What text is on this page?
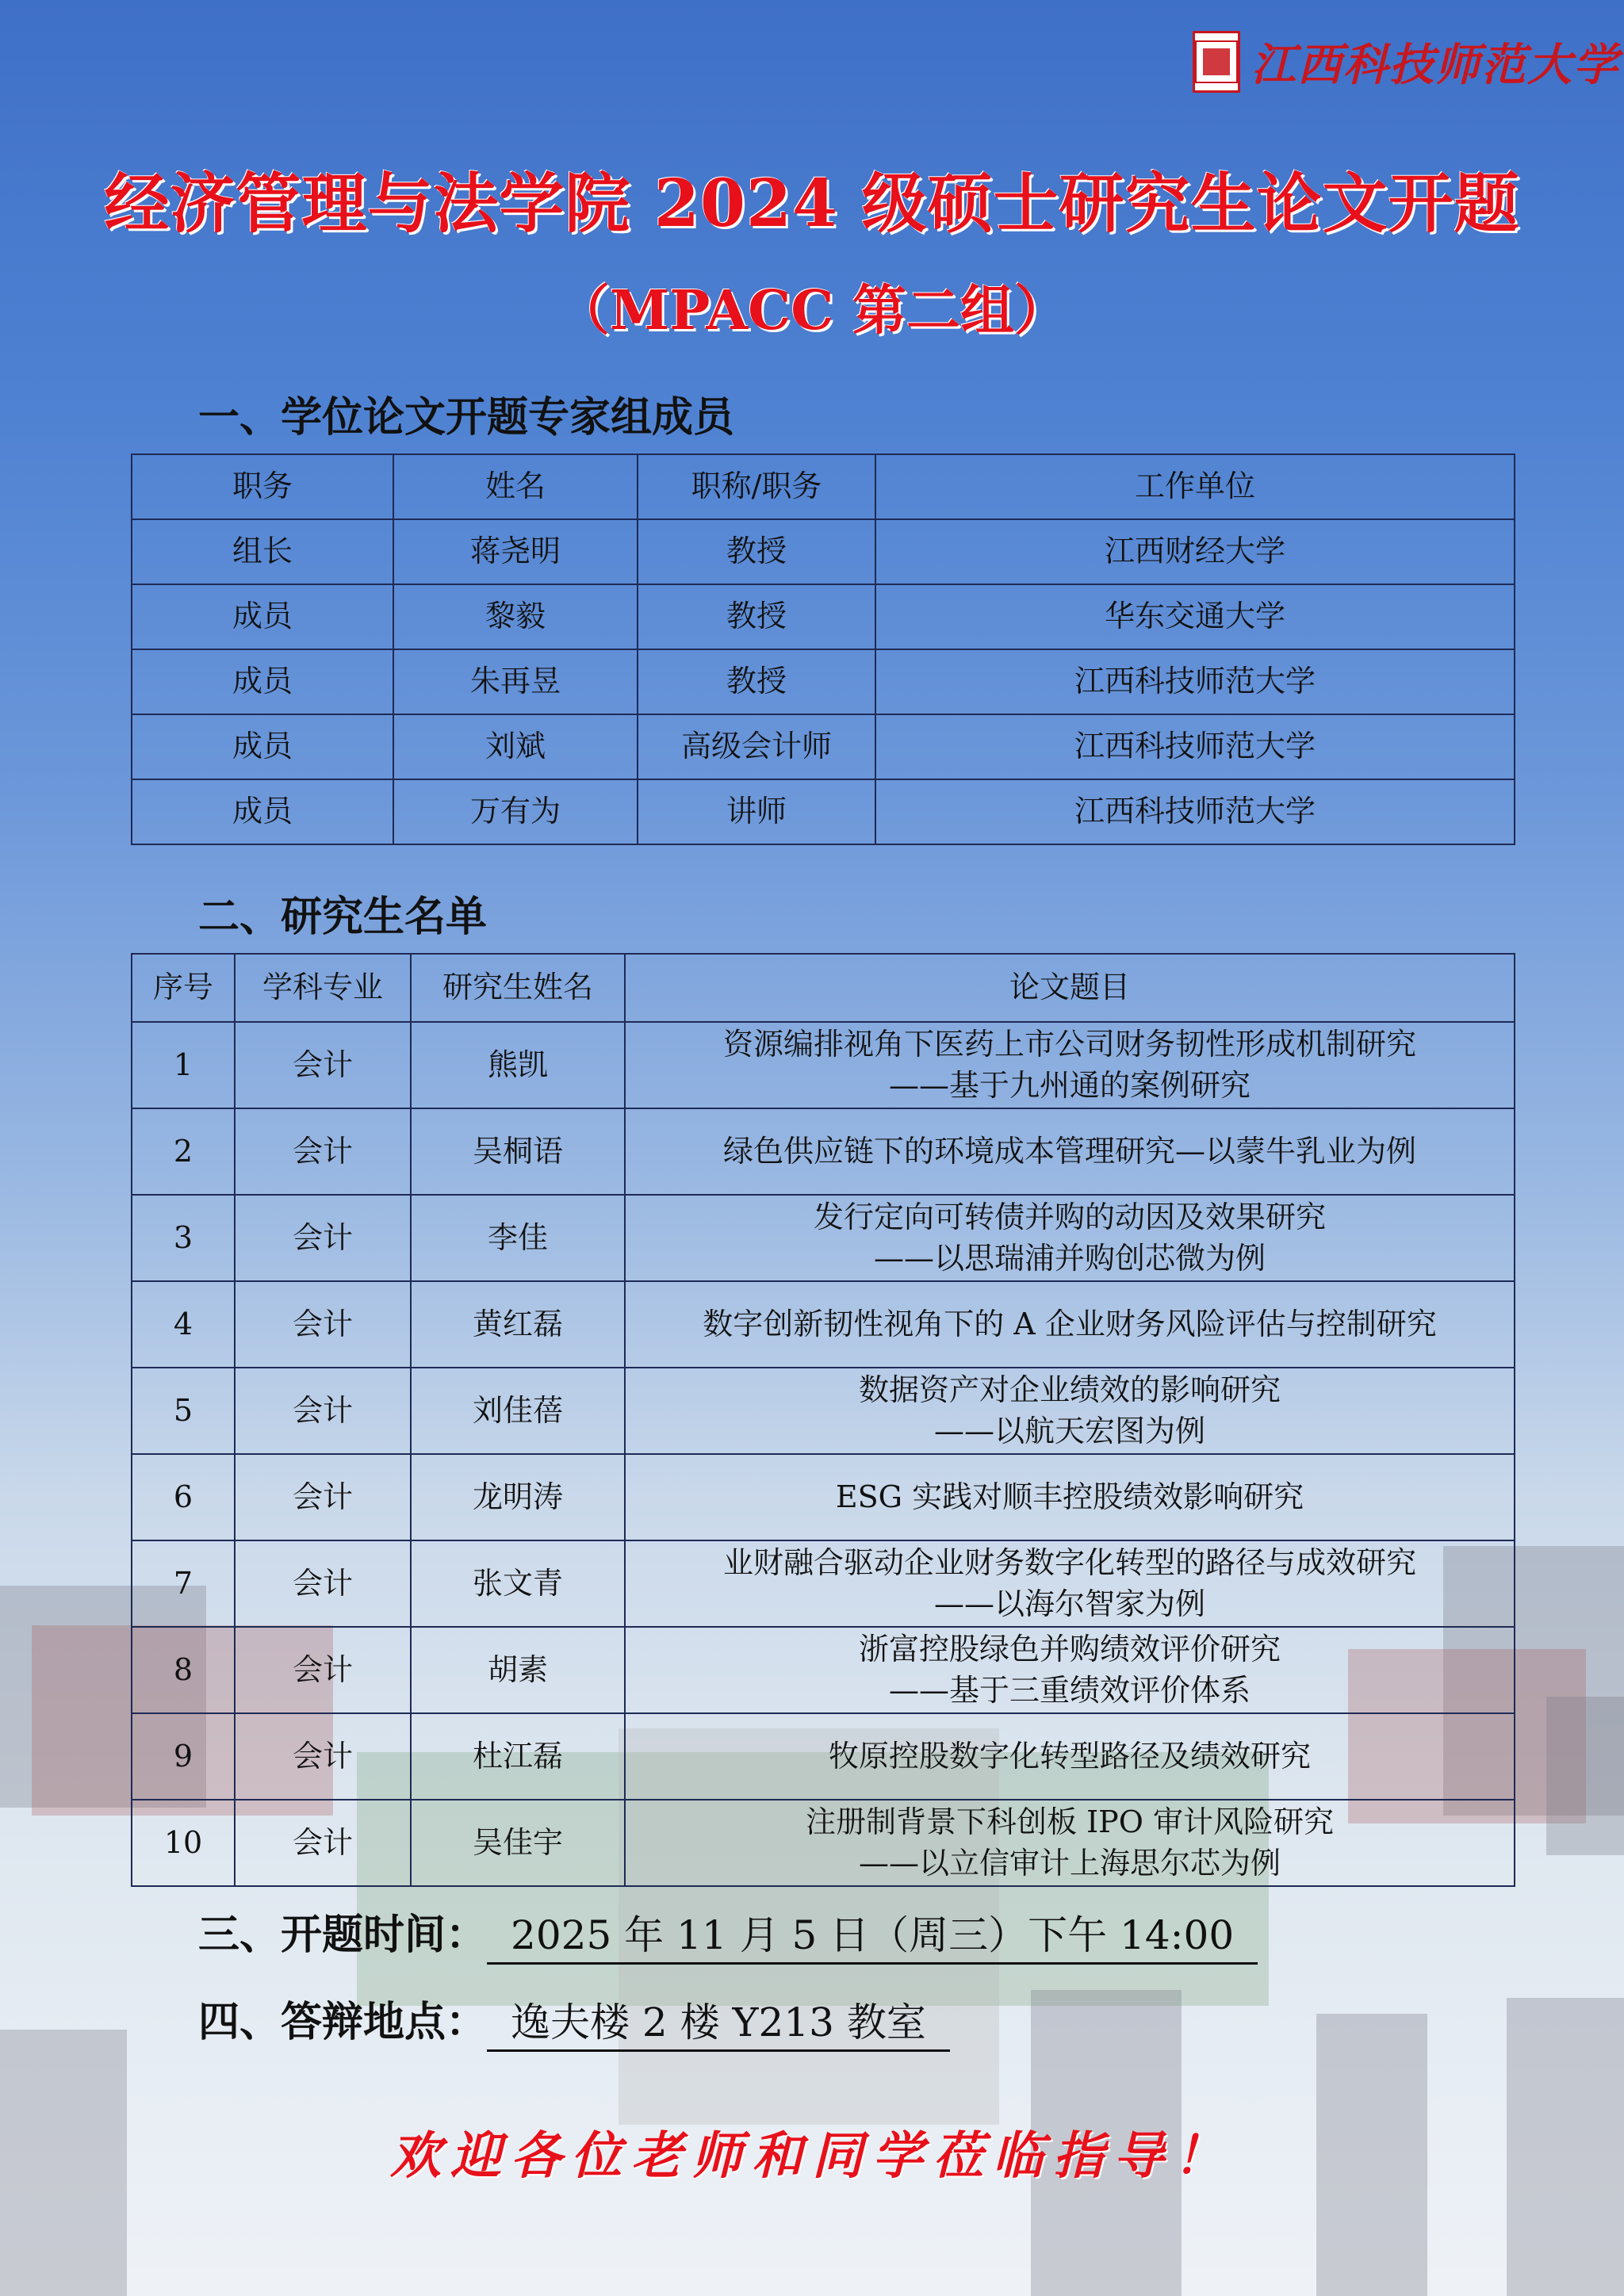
江西科技师范大学
经济管理与法学院 2024 级硕士研究生论文开题
（MPACC 第二组）
一、学位论文开题专家组成员
职务	姓名	职称/职务	工作单位
组长	蒋尧明	教授	江西财经大学
成员	黎毅	教授	华东交通大学
成员	朱再昱	教授	江西科技师范大学
成员	刘斌	高级会计师	江西科技师范大学
成员	万有为	讲师	江西科技师范大学
二、研究生名单
序号	学科专业	研究生姓名	论文题目
1	会计	熊凯	资源编排视角下医药上市公司财务韧性形成机制研究
——基于九州通的案例研究

2	会计	吴桐语	绿色供应链下的环境成本管理研究—以蒙牛乳业为例

3	会计	李佳	发行定向可转债并购的动因及效果研究
——以思瑞浦并购创芯微为例

4	会计	黄红磊	数字创新韧性视角下的 A 企业财务风险评估与控制研究

5	会计	刘佳蓓	数据资产对企业绩效的影响研究
——以航天宏图为例

6	会计	龙明涛	ESG 实践对顺丰控股绩效影响研究

7	会计	张文青	业财融合驱动企业财务数字化转型的路径与成效研究
——以海尔智家为例

8	会计	胡素	浙富控股绿色并购绩效评价研究
——基于三重绩效评价体系

9	会计	杜江磊	牧原控股数字化转型路径及绩效研究

10	会计	吴佳宇	注册制背景下科创板 IPO 审计风险研究
——以立信审计上海思尔芯为例
三、开题时间： 2025 年 11 月 5 日（周三）下午 14:00
四、答辩地点： 逸夫楼 2 楼 Y213 教室
欢迎各位老师和同学莅临指导！
